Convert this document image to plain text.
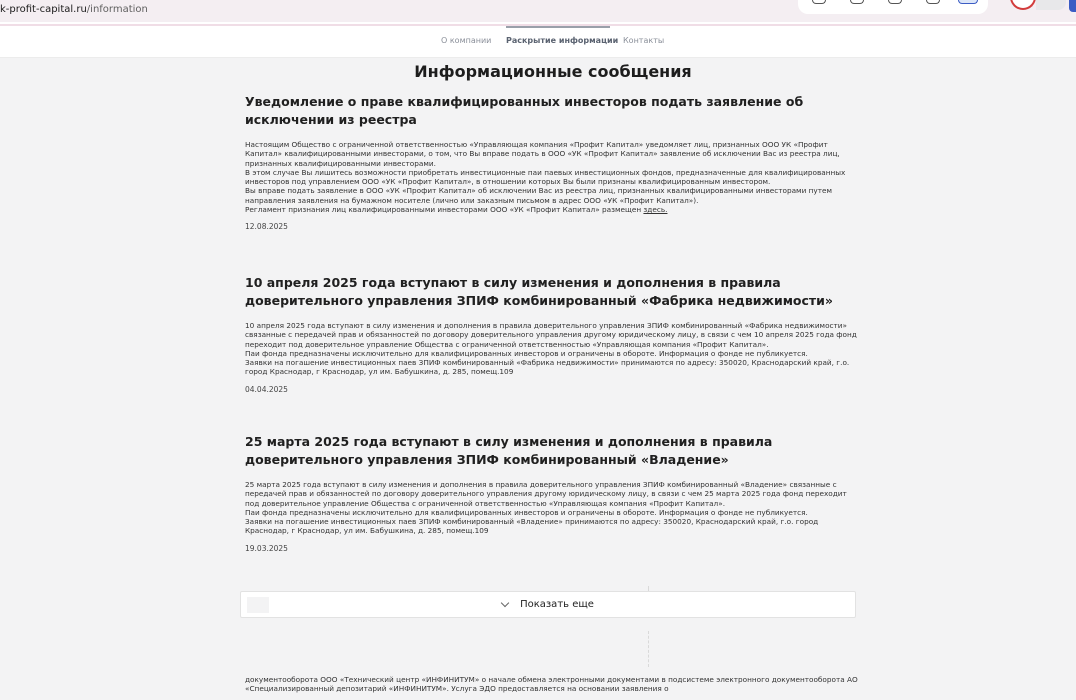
k-profit-capital.ru/information
О компании Раскрытие информации Контакты
Информационные сообщения
Уведомление о праве квалифицированных инвесторов подать заявление об исключении из реестра

Настоящим Общество с ограниченной ответственностью «Управляющая компания «Профит Капитал» уведомляет лиц, признанных ООО УК «Профит Капитал» квалифицированными инвесторами, о том, что Вы вправе подать в ООО «УК «Профит Капитал» заявление об исключении Вас из реестра лиц, признанных квалифицированными инвесторами.
В этом случае Вы лишитесь возможности приобретать инвестиционные паи паевых инвестиционных фондов, предназначенные для квалифицированных инвесторов под управлением ООО «УК «Профит Капитал», в отношении которых Вы были признаны квалифицированным инвестором.
Вы вправе подать заявление в ООО «УК «Профит Капитал» об исключении Вас из реестра лиц, признанных квалифицированными инвесторами путем направления заявления на бумажном носителе (лично или заказным письмом в адрес ООО «УК «Профит Капитал»).
Регламент признания лиц квалифицированными инвесторами ООО «УК «Профит Капитал» размещен здесь.

12.08.2025
10 апреля 2025 года вступают в силу изменения и дополнения в правила доверительного управления ЗПИФ комбинированный «Фабрика недвижимости»

10 апреля 2025 года вступают в силу изменения и дополнения в правила доверительного управления ЗПИФ комбинированный «Фабрика недвижимости» связанные с передачей прав и обязанностей по договору доверительного управления другому юридическому лицу, в связи с чем 10 апреля 2025 года фонд переходит под доверительное управление Общества с ограниченной ответственностью «Управляющая компания «Профит Капитал».
Паи фонда предназначены исключительно для квалифицированных инвесторов и ограничены в обороте. Информация о фонде не публикуется.
Заявки на погашение инвестиционных паев ЗПИФ комбинированный «Фабрика недвижимости» принимаются по адресу: 350020, Краснодарский край, г.о. город Краснодар, г Краснодар, ул им. Бабушкина, д. 285, помещ.109

04.04.2025
25 марта 2025 года вступают в силу изменения и дополнения в правила доверительного управления ЗПИФ комбинированный «Владение»

25 марта 2025 года вступают в силу изменения и дополнения в правила доверительного управления ЗПИФ комбинированный «Владение» связанные с передачей прав и обязанностей по договору доверительного управления другому юридическому лицу, в связи с чем 25 марта 2025 года фонд переходит под доверительное управление Общества с ограниченной ответственностью «Управляющая компания «Профит Капитал».
Паи фонда предназначены исключительно для квалифицированных инвесторов и ограничены в обороте. Информация о фонде не публикуется.
Заявки на погашение инвестиционных паев ЗПИФ комбинированный «Владение» принимаются по адресу: 350020, Краснодарский край, г.о. город Краснодар, г Краснодар, ул им. Бабушкина, д. 285, помещ.109

19.03.2025
Показать еще
документооборота ООО «Технический центр «ИНФИНИТУМ» о начале обмена электронными документами в подсистеме электронного документооборота АО «Специализированный депозитарий «ИНФИНИТУМ». Услуга ЭДО предоставляется на основании заявления о
